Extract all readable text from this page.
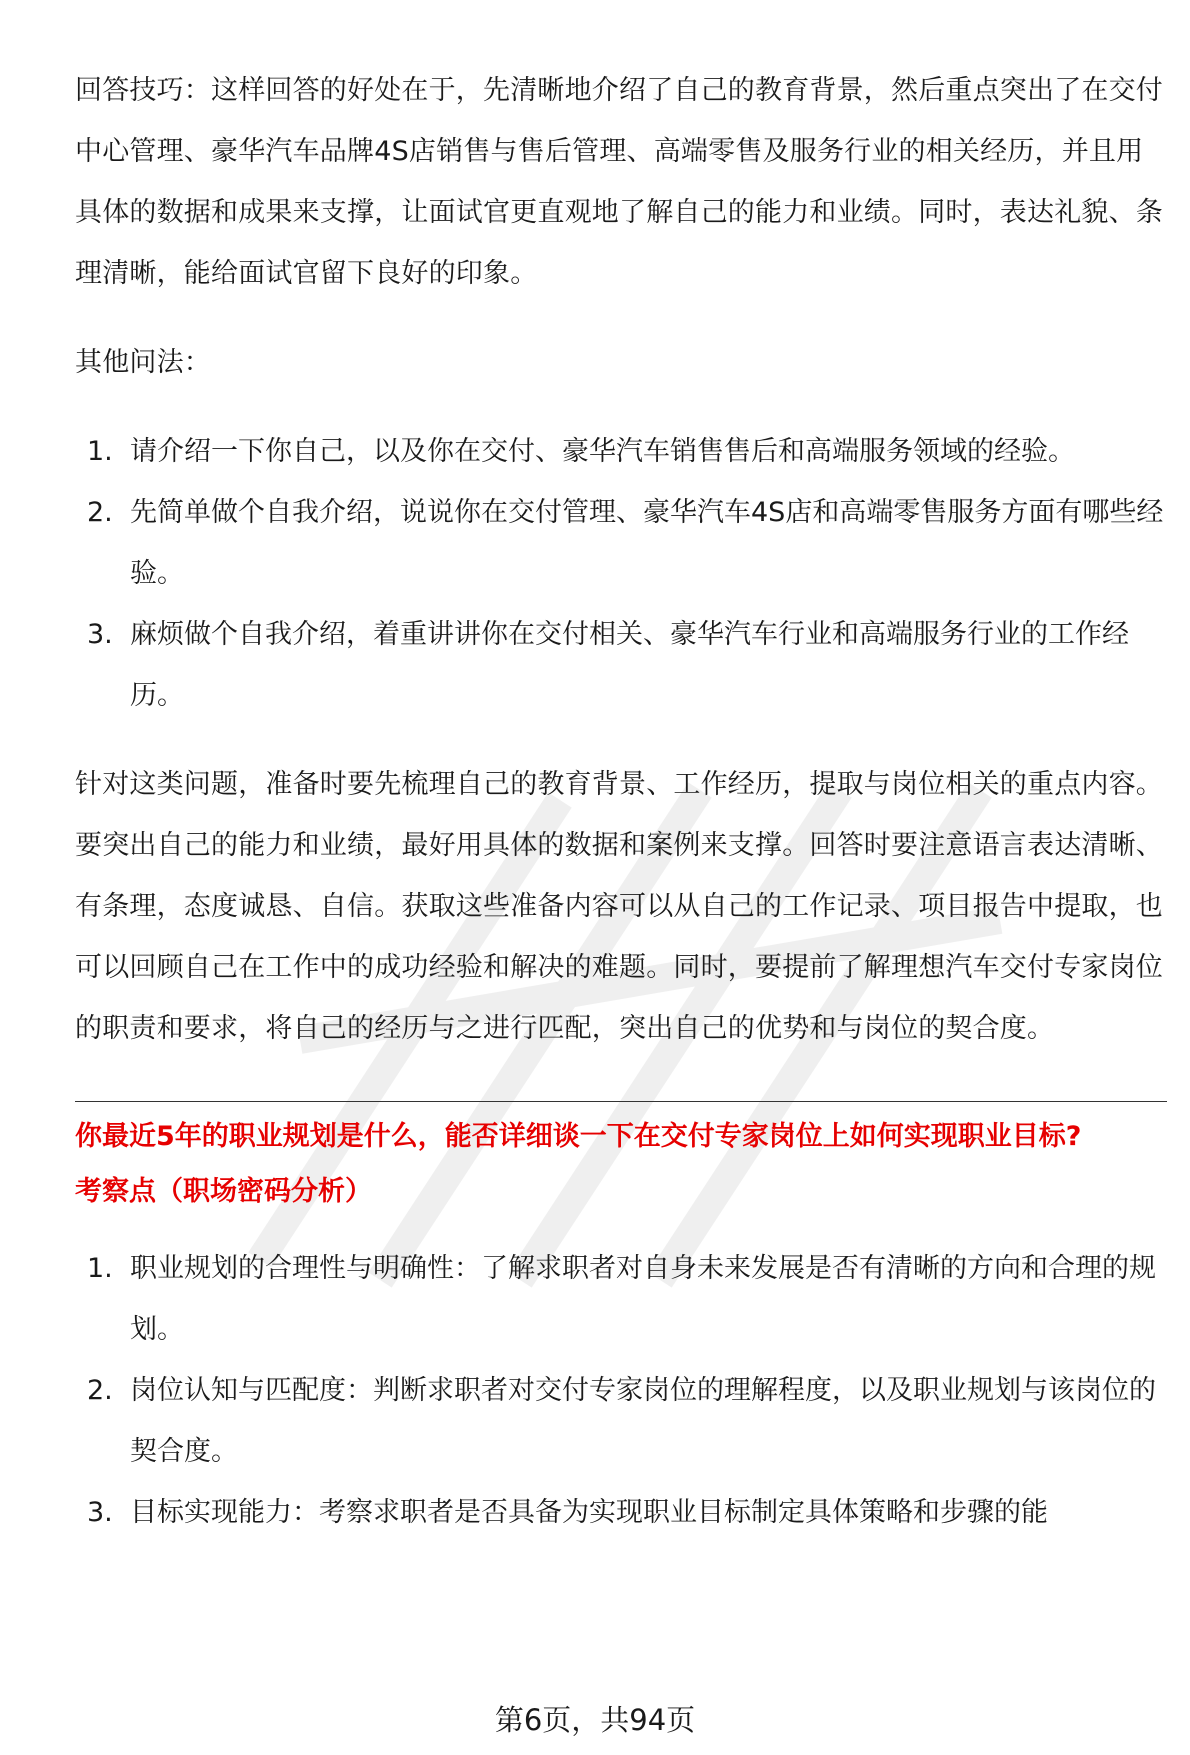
回答技巧：这样回答的好处在于，先清晰地介绍了自己的教育背景，然后重点突出了在交付中心管理、豪华汽车品牌4S店销售与售后管理、高端零售及服务行业的相关经历，并且用具体的数据和成果来支撑，让面试官更直观地了解自己的能力和业绩。同时，表达礼貌、条理清晰，能给面试官留下良好的印象。

其他问法：

1. 请介绍一下你自己，以及你在交付、豪华汽车销售售后和高端服务领域的经验。
2. 先简单做个自我介绍，说说你在交付管理、豪华汽车4S店和高端零售服务方面有哪些经验。
3. 麻烦做个自我介绍，着重讲讲你在交付相关、豪华汽车行业和高端服务行业的工作经历。

针对这类问题，准备时要先梳理自己的教育背景、工作经历，提取与岗位相关的重点内容。要突出自己的能力和业绩，最好用具体的数据和案例来支撑。回答时要注意语言表达清晰、有条理，态度诚恳、自信。获取这些准备内容可以从自己的工作记录、项目报告中提取，也可以回顾自己在工作中的成功经验和解决的难题。同时，要提前了解理想汽车交付专家岗位的职责和要求，将自己的经历与之进行匹配，突出自己的优势和与岗位的契合度。

你最近5年的职业规划是什么，能否详细谈一下在交付专家岗位上如何实现职业目标?

考察点（职场密码分析）

1. 职业规划的合理性与明确性：了解求职者对自身未来发展是否有清晰的方向和合理的规划。
2. 岗位认知与匹配度：判断求职者对交付专家岗位的理解程度，以及职业规划与该岗位的契合度。
3. 目标实现能力：考察求职者是否具备为实现职业目标制定具体策略和步骤的能
第6页，共94页
